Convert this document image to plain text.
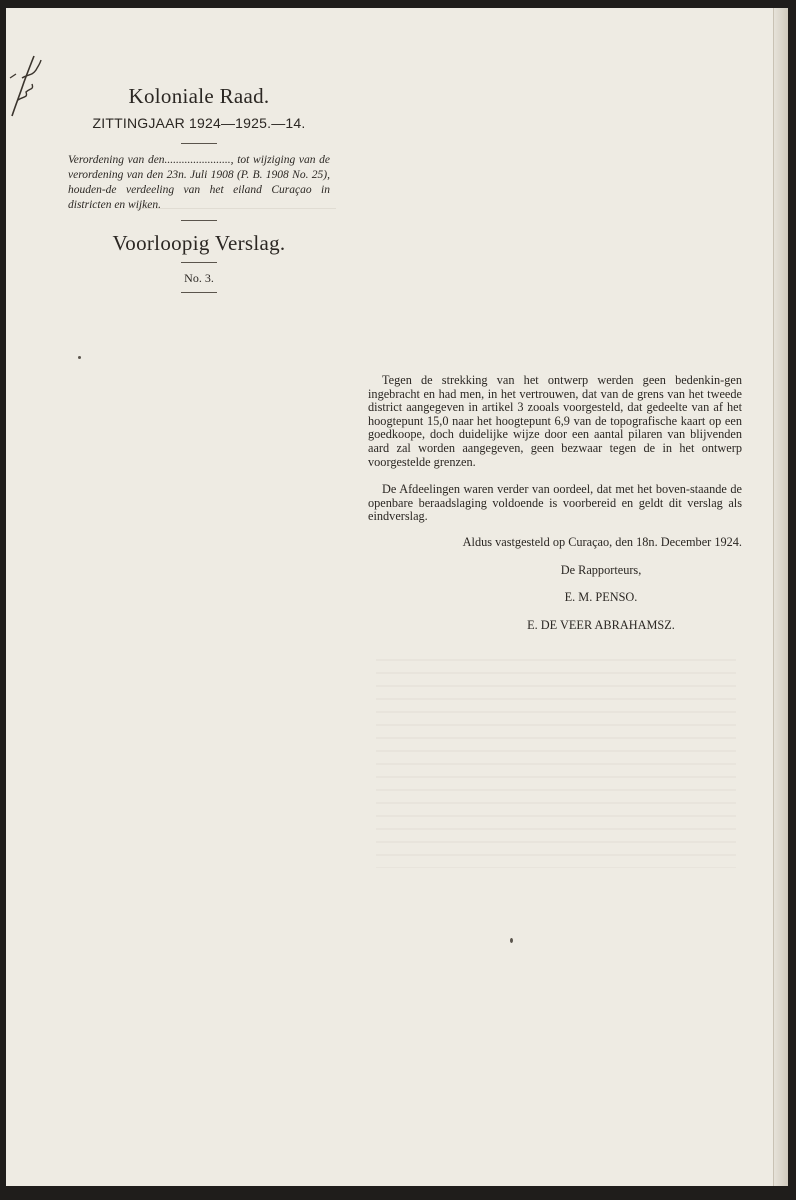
Koloniale Raad.
ZITTINGJAAR 1924—1925.—14.
Verordening van den......................., tot wijziging van de verordening van den 23n. Juli 1908 (P. B. 1908 No. 25), houden-de verdeeling van het eiland Curaçao in districten en wijken.
Voorloopig Verslag.
No. 3.

Tegen de strekking van het ontwerp werden geen bedenkin-gen ingebracht en had men, in het vertrouwen, dat van de grens van het tweede district aangegeven in artikel 3 zooals voorgesteld, dat gedeelte van af het hoogtepunt 15,0 naar het hoogtepunt 6,9 van de topografische kaart op een goedkoope, doch duidelijke wijze door een aantal pilaren van blijvenden aard zal worden aangegeven, geen bezwaar tegen de in het ontwerp voorgestelde grenzen.

De Afdeelingen waren verder van oordeel, dat met het boven-staande de openbare beraadslaging voldoende is voorbereid en geldt dit verslag als eindverslag.

Aldus vastgesteld op Curaçao, den 18n. December 1924.
De Rapporteurs,
E. M. PENSO.
E. DE VEER ABRAHAMSZ.
